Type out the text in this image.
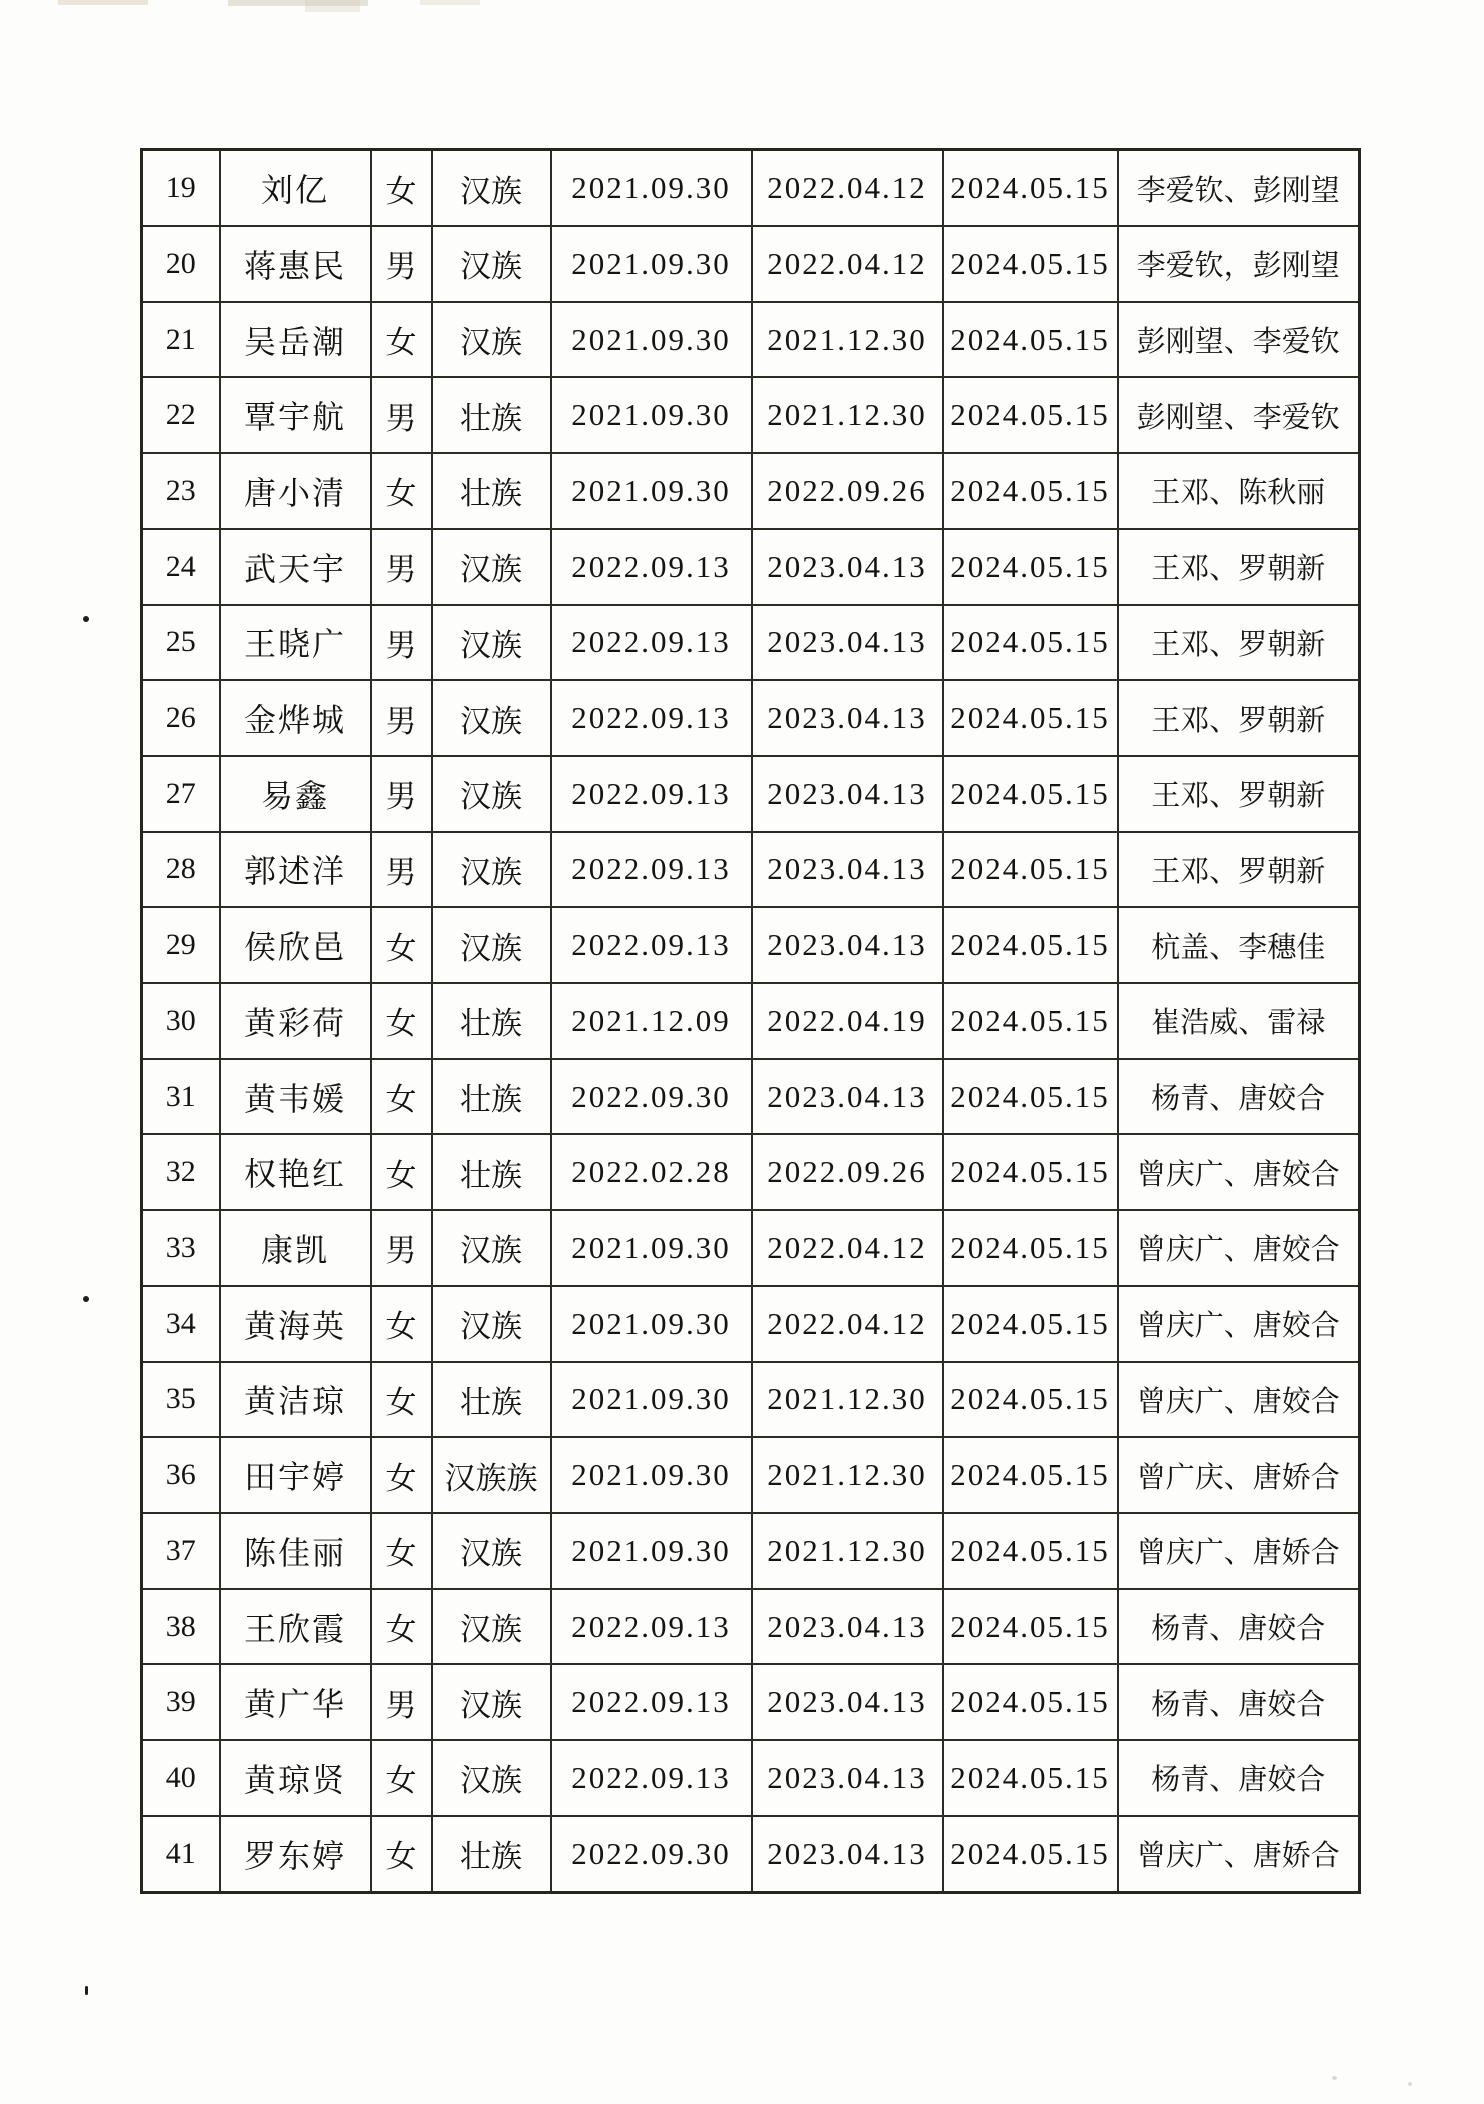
19	刘亿	女	汉族	2021.09.30	2022.04.12	2024.05.15	李爱钦、彭刚望
20	蒋惠民	男	汉族	2021.09.30	2022.04.12	2024.05.15	李爱钦，彭刚望
21	吴岳潮	女	汉族	2021.09.30	2021.12.30	2024.05.15	彭刚望、李爱钦
22	覃宇航	男	壮族	2021.09.30	2021.12.30	2024.05.15	彭刚望、李爱钦
23	唐小清	女	壮族	2021.09.30	2022.09.26	2024.05.15	王邓、陈秋丽
24	武天宇	男	汉族	2022.09.13	2023.04.13	2024.05.15	王邓、罗朝新
25	王晓广	男	汉族	2022.09.13	2023.04.13	2024.05.15	王邓、罗朝新
26	金烨城	男	汉族	2022.09.13	2023.04.13	2024.05.15	王邓、罗朝新
27	易鑫	男	汉族	2022.09.13	2023.04.13	2024.05.15	王邓、罗朝新
28	郭述洋	男	汉族	2022.09.13	2023.04.13	2024.05.15	王邓、罗朝新
29	侯欣邑	女	汉族	2022.09.13	2023.04.13	2024.05.15	杭盖、李穗佳
30	黄彩荷	女	壮族	2021.12.09	2022.04.19	2024.05.15	崔浩威、雷禄
31	黄韦媛	女	壮族	2022.09.30	2023.04.13	2024.05.15	杨青、唐姣合
32	权艳红	女	壮族	2022.02.28	2022.09.26	2024.05.15	曾庆广、唐姣合
33	康凯	男	汉族	2021.09.30	2022.04.12	2024.05.15	曾庆广、唐姣合
34	黄海英	女	汉族	2021.09.30	2022.04.12	2024.05.15	曾庆广、唐姣合
35	黄洁琼	女	壮族	2021.09.30	2021.12.30	2024.05.15	曾庆广、唐姣合
36	田宇婷	女	汉族族	2021.09.30	2021.12.30	2024.05.15	曾广庆、唐娇合
37	陈佳丽	女	汉族	2021.09.30	2021.12.30	2024.05.15	曾庆广、唐娇合
38	王欣霞	女	汉族	2022.09.13	2023.04.13	2024.05.15	杨青、唐姣合
39	黄广华	男	汉族	2022.09.13	2023.04.13	2024.05.15	杨青、唐姣合
40	黄琼贤	女	汉族	2022.09.13	2023.04.13	2024.05.15	杨青、唐姣合
41	罗东婷	女	壮族	2022.09.30	2023.04.13	2024.05.15	曾庆广、唐娇合
